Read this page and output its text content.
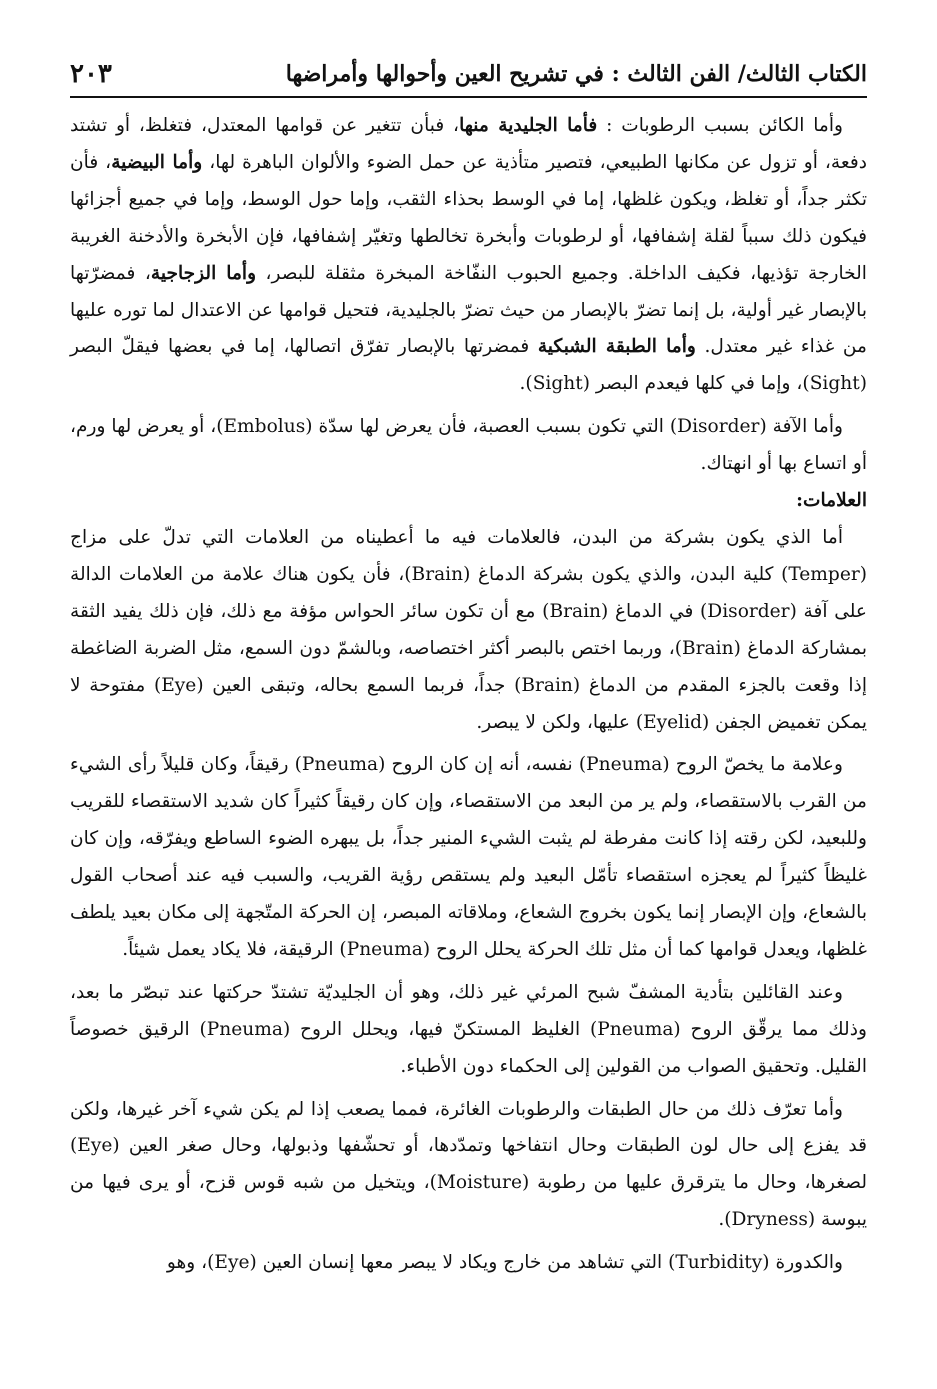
الكتاب الثالث/ الفن الثالث : في تشريح العين وأحوالها وأمراضها
٢٠٣

وأما الكائن بسبب الرطوبات : فأما الجليدية منها، فبأن تتغير عن قوامها المعتدل، فتغلظ، أو تشتد دفعة، أو تزول عن مكانها الطبيعي، فتصير متأذية عن حمل الضوء والألوان الباهرة لها، وأما البيضية، فأن تكثر جداً، أو تغلظ، ويكون غلظها، إما في الوسط بحذاء الثقب، وإما حول الوسط، وإما في جميع أجزائها فيكون ذلك سبباً لقلة إشفافها، أو لرطوبات وأبخرة تخالطها وتغيّر إشفافها، فإن الأبخرة والأدخنة الغريبة الخارجة تؤذيها، فكيف الداخلة. وجميع الحبوب النفّاخة المبخرة مثقلة للبصر، وأما الزجاجية، فمضرّتها بالإبصار غير أولية، بل إنما تضرّ بالإبصار من حيث تضرّ بالجليدية، فتحيل قوامها عن الاعتدال لما توره عليها من غذاء غير معتدل. وأما الطبقة الشبكية فمضرتها بالإبصار تفرّق اتصالها، إما في بعضها فيقلّ البصر (Sight)، وإما في كلها فيعدم البصر (Sight).

وأما الآفة (Disorder) التي تكون بسبب العصبة، فأن يعرض لها سدّة (Embolus)، أو يعرض لها ورم، أو اتساع بها أو انهتاك.

العلامات:

أما الذي يكون بشركة من البدن، فالعلامات فيه ما أعطيناه من العلامات التي تدلّ على مزاج (Temper) كلية البدن، والذي يكون بشركة الدماغ (Brain)، فأن يكون هناك علامة من العلامات الدالة على آفة (Disorder) في الدماغ (Brain) مع أن تكون سائر الحواس مؤفة مع ذلك، فإن ذلك يفيد الثقة بمشاركة الدماغ (Brain)، وربما اختص بالبصر أكثر اختصاصه، وبالشمّ دون السمع، مثل الضربة الضاغطة إذا وقعت بالجزء المقدم من الدماغ (Brain) جداً، فربما السمع بحاله، وتبقى العين (Eye) مفتوحة لا يمكن تغميض الجفن (Eyelid) عليها، ولكن لا يبصر.

وعلامة ما يخصّ الروح (Pneuma) نفسه، أنه إن كان الروح (Pneuma) رقيقاً، وكان قليلاً رأى الشيء من القرب بالاستقصاء، ولم ير من البعد من الاستقصاء، وإن كان رقيقاً كثيراً كان شديد الاستقصاء للقريب وللبعيد، لكن رقته إذا كانت مفرطة لم يثبت الشيء المنير جداً، بل يبهره الضوء الساطع ويفرّقه، وإن كان غليظاً كثيراً لم يعجزه استقصاء تأمّل البعيد ولم يستقص رؤية القريب، والسبب فيه عند أصحاب القول بالشعاع، وإن الإبصار إنما يكون بخروج الشعاع، وملاقاته المبصر، إن الحركة المتّجهة إلى مكان بعيد يلطف غلظها، ويعدل قوامها كما أن مثل تلك الحركة يحلل الروح (Pneuma) الرقيقة، فلا يكاد يعمل شيئاً.

وعند القائلين بتأدية المشفّ شبح المرئي غير ذلك، وهو أن الجليديّة تشتدّ حركتها عند تبصّر ما بعد، وذلك مما يرقّق الروح (Pneuma) الغليظ المستكنّ فيها، ويحلل الروح (Pneuma) الرقيق خصوصاً القليل. وتحقيق الصواب من القولين إلى الحكماء دون الأطباء.

وأما تعرّف ذلك من حال الطبقات والرطوبات الغائرة، فمما يصعب إذا لم يكن شيء آخر غيرها، ولكن قد يفزع إلى حال لون الطبقات وحال انتفاخها وتمدّدها، أو تحشّفها وذبولها، وحال صغر العين (Eye) لصغرها، وحال ما يترقرق عليها من رطوبة (Moisture)، ويتخيل من شبه قوس قزح، أو يرى فيها من يبوسة (Dryness).

والكدورة (Turbidity) التي تشاهد من خارج ويكاد لا يبصر معها إنسان العين (Eye)، وهو
